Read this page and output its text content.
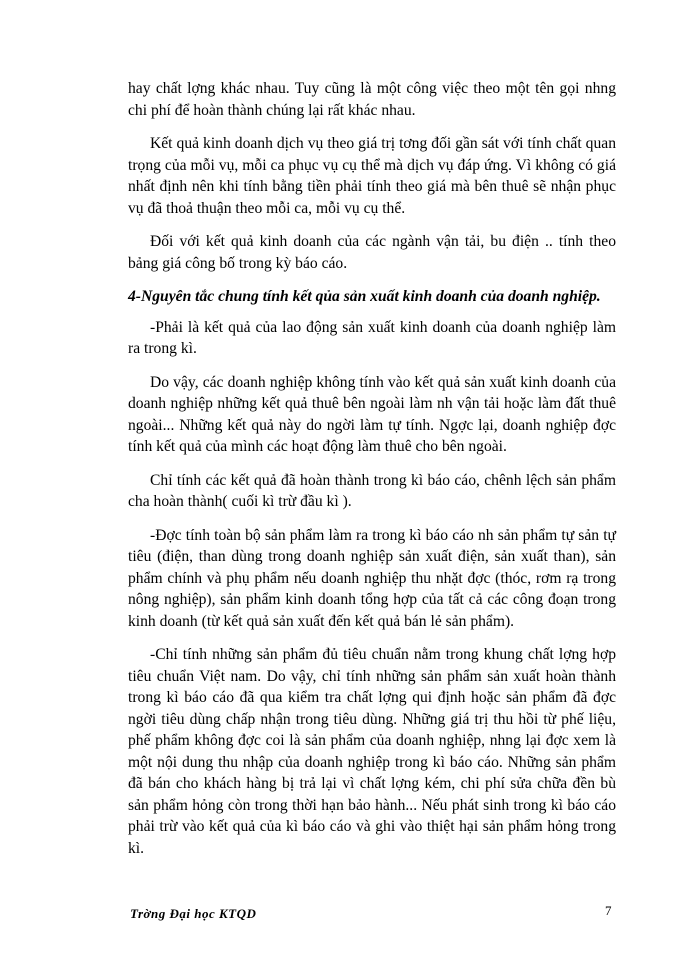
hay chất lợng khác nhau. Tuy cũng là một công việc theo một tên gọi nhng chi phí để hoàn thành chúng lại rất khác nhau.

Kết quả kinh doanh dịch vụ theo giá trị tơng đối gần sát với tính chất quan trọng của mỗi vụ, mỗi ca phục vụ cụ thể mà dịch vụ đáp ứng. Vì không có giá nhất định nên khi tính bằng tiền phải tính theo giá mà bên thuê sẽ nhận phục vụ đã thoả thuận theo mỗi ca, mỗi vụ cụ thể.

Đối với kết quả kinh doanh của các ngành vận tải, bu điện .. tính theo bảng giá công bố trong kỳ báo cáo.

4-Nguyên tắc chung tính kết qủa sản xuất kinh doanh của doanh nghiệp.

-Phải là kết quả của lao động sản xuất kinh doanh của doanh nghiệp làm ra trong kì.

Do vậy, các doanh nghiệp không tính vào kết quả sản xuất kinh doanh của doanh nghiệp những kết quả thuê bên ngoài làm nh vận tải hoặc làm đất thuê ngoài... Những kết quả này do ngời làm tự tính. Ngợc lại, doanh nghiệp đợc tính kết quả của mình các hoạt động làm thuê cho bên ngoài.

Chỉ tính các kết quả đã hoàn thành trong kì báo cáo, chênh lệch sản phẩm cha hoàn thành( cuối kì trừ đầu kì ).

-Đợc tính toàn bộ sản phẩm làm ra trong kì báo cáo nh sản phẩm tự sản tự tiêu (điện, than dùng trong doanh nghiệp sản xuất điện, sản xuất than), sản phẩm chính và phụ phẩm nếu doanh nghiệp thu nhặt đợc (thóc, rơm rạ trong nông nghiệp), sản phẩm kinh doanh tổng hợp của tất cả các công đoạn trong kinh doanh (từ kết quả sản xuất đến kết quả bán lẻ sản phẩm).

-Chỉ tính những sản phẩm đủ tiêu chuẩn nằm trong khung chất lợng hợp tiêu chuẩn Việt nam. Do vậy, chỉ tính những sản phẩm sản xuất hoàn thành trong kì báo cáo đã qua kiểm tra chất lợng qui định hoặc sản phẩm đã đợc ngời tiêu dùng chấp nhận trong tiêu dùng. Những giá trị thu hồi từ phế liệu, phế phẩm không đợc coi là sản phẩm của doanh nghiệp, nhng lại đợc xem là một nội dung thu nhập của doanh nghiệp trong kì báo cáo. Những sản phẩm đã bán cho khách hàng bị trả lại vì chất lợng kém, chi phí sửa chữa đền bù sản phẩm hỏng còn trong thời hạn bảo hành... Nếu phát sinh trong kì báo cáo phải trừ vào kết quả của kì báo cáo và ghi vào thiệt hại sản phẩm hỏng trong kì.

Trờng Đại học KTQD	7
